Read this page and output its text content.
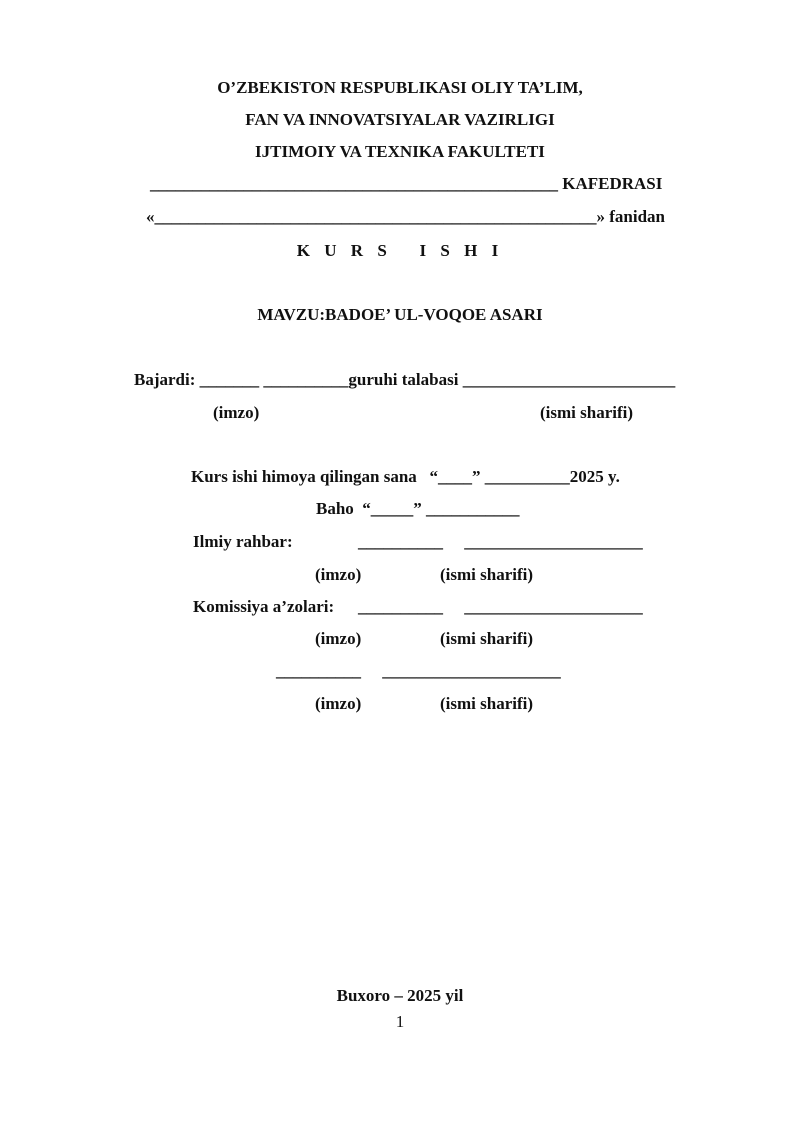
O’ZBEKISTON RESPUBLIKASI OLIY TA’LIM,
FAN VA INNOVATSIYALAR VAZIRLIGI
IJTIMOIY VA TEXNIKA FAKULTETI
________________________________________________ KAFEDRASI
«____________________________________________________» fanidan
K U R S   I S H I
MAVZU:BADOE’ UL-VOQOE ASARI
Bajardi: _______ __________guruhi talabasi _________________________
(imzo)	(ismi sharifi)
Kurs ishi himoya qilingan sana   “____” __________2025 y.
Baho  “_____” ___________
Ilmiy rahbar:	__________     _____________________
(imzo)	(ismi sharifi)
Komissiya a’zolari: __________     _____________________
(imzo)	(ismi sharifi)
__________     _____________________
(imzo)	(ismi sharifi)
Buxoro – 2025 yil
1
